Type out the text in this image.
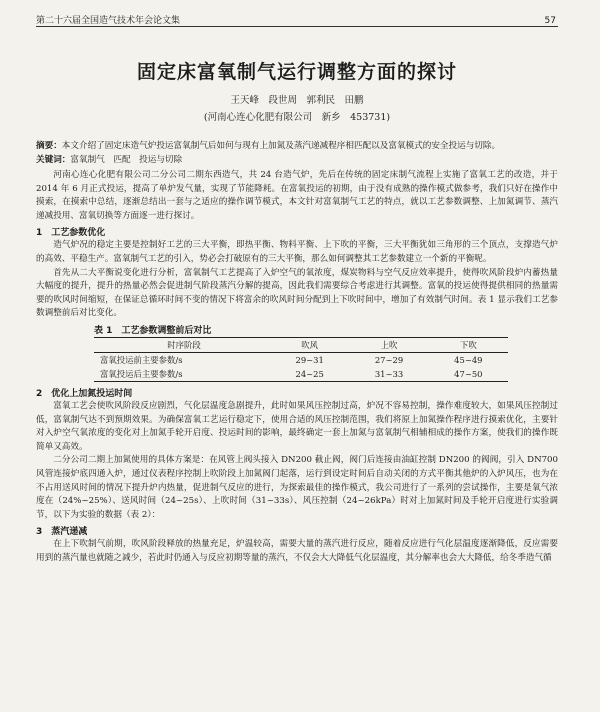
第二十六届全国造气技术年会论文集	57
固定床富氧制气运行调整方面的探讨
王天峰　段世周　郭利民　田鹏
(河南心连心化肥有限公司　新乡　453731)

摘要：本文介绍了固定床造气炉投运富氧制气后如何与现有上加氮及蒸汽递减程序相匹配以及富氧模式的安全投运与切除。

关键词：富氧制气　匹配　投运与切除

河南心连心化肥有限公司二分公司二期东西造气，共 24 台造气炉，先后在传统的固定床制气流程上实施了富氧工艺的改造，并于 2014 年 6 月正式投运，提高了单炉发气量，实现了节能降耗。在富氧投运的初期，由于没有成熟的操作模式做参考，我们只好在操作中摸索，在摸索中总结，逐渐总结出一套与之适应的操作调节模式，本文针对富氧制气工艺的特点，就以工艺参数调整、上加氮调节、蒸汽递减投用、富氧切换等方面逐一进行探讨。

1　工艺参数优化

造气炉况的稳定主要是控制好工艺的三大平衡，即热平衡、物料平衡、上下吹的平衡，三大平衡犹如三角形的三个顶点，支撑造气炉的高效、平稳生产。富氧制气工艺的引入，势必会打破原有的三大平衡，那么如何调整其工艺参数建立一个新的平衡呢。

首先从二大平衡说变化进行分析，富氧制气工艺提高了入炉空气的氧浓度，煤炭物料与空气反应效率提升，使得吹风阶段炉内蓄热量大幅度的提升，提升的热量必然会促进制气阶段蒸汽分解的提高，因此我们需要综合考虑进行其调整。富氧的投运使得提供相同的热量需要的吹风时间缩短，在保证总循环时间不变的情况下将富余的吹风时间分配到上下吹时间中，增加了有效制气时间。表 1 显示我们工艺参数调整前后对比变化。

表 1　工艺参数调整前后对比
时序阶段	吹风	上吹	下吹
富氧投运前主要参数/s	29~31	27~29	45~49
富氧投运后主要参数/s	24~25	31~33	47~50
2　优化上加氮投运时间

富氧工艺会使吹风阶段反应剧烈，气化层温度急剧提升，此时如果风压控制过高，炉况不容易控制，操作难度较大，如果风压控制过低，富氧制气达不到预期效果。为确保富氧工艺运行稳定下，使用合适的风压控制范围，我们将原上加氮操作程序进行摸索优化，主要针对入炉空气氧浓度的变化对上加氮手轮开启度、投运时间的影响，最终确定一套上加氮与富氧制气相辅相成的操作方案，使我们的操作既简单又高效。

二分公司二期上加氮使用的具体方案是：在风管上阀头接入 DN200 截止阀，阀门后连接由油缸控制 DN200 的阀阀，引入 DN700 风管连接炉底四通入炉，通过仪表程序控制上吹阶段上加氮阀门起落，运行到设定时间后自动关闭的方式平衡其他炉的入炉风压，也为在不占用送风时间的情况下提升炉内热量，促进制气反应的进行，为探索最佳的操作模式，我公司进行了一系列的尝试操作，主要是氧气浓度在（24%~25%）、送风时间（24~25s）、上吹时间（31~33s）、风压控制（24~26kPa）时对上加氮时间及手轮开启度进行实验调节，以下为实验的数据（表 2）：

3　蒸汽递减

在上下吹制气前期，吹风阶段释放的热量充足，炉温较高，需要大量的蒸汽进行反应，随着反应进行气化层温度逐渐降低，反应需要用到的蒸汽量也就随之减少，若此时仍通入与反应初期等量的蒸汽，不仅会大大降低气化层温度，其分解率也会大大降低，给冬季造气循
